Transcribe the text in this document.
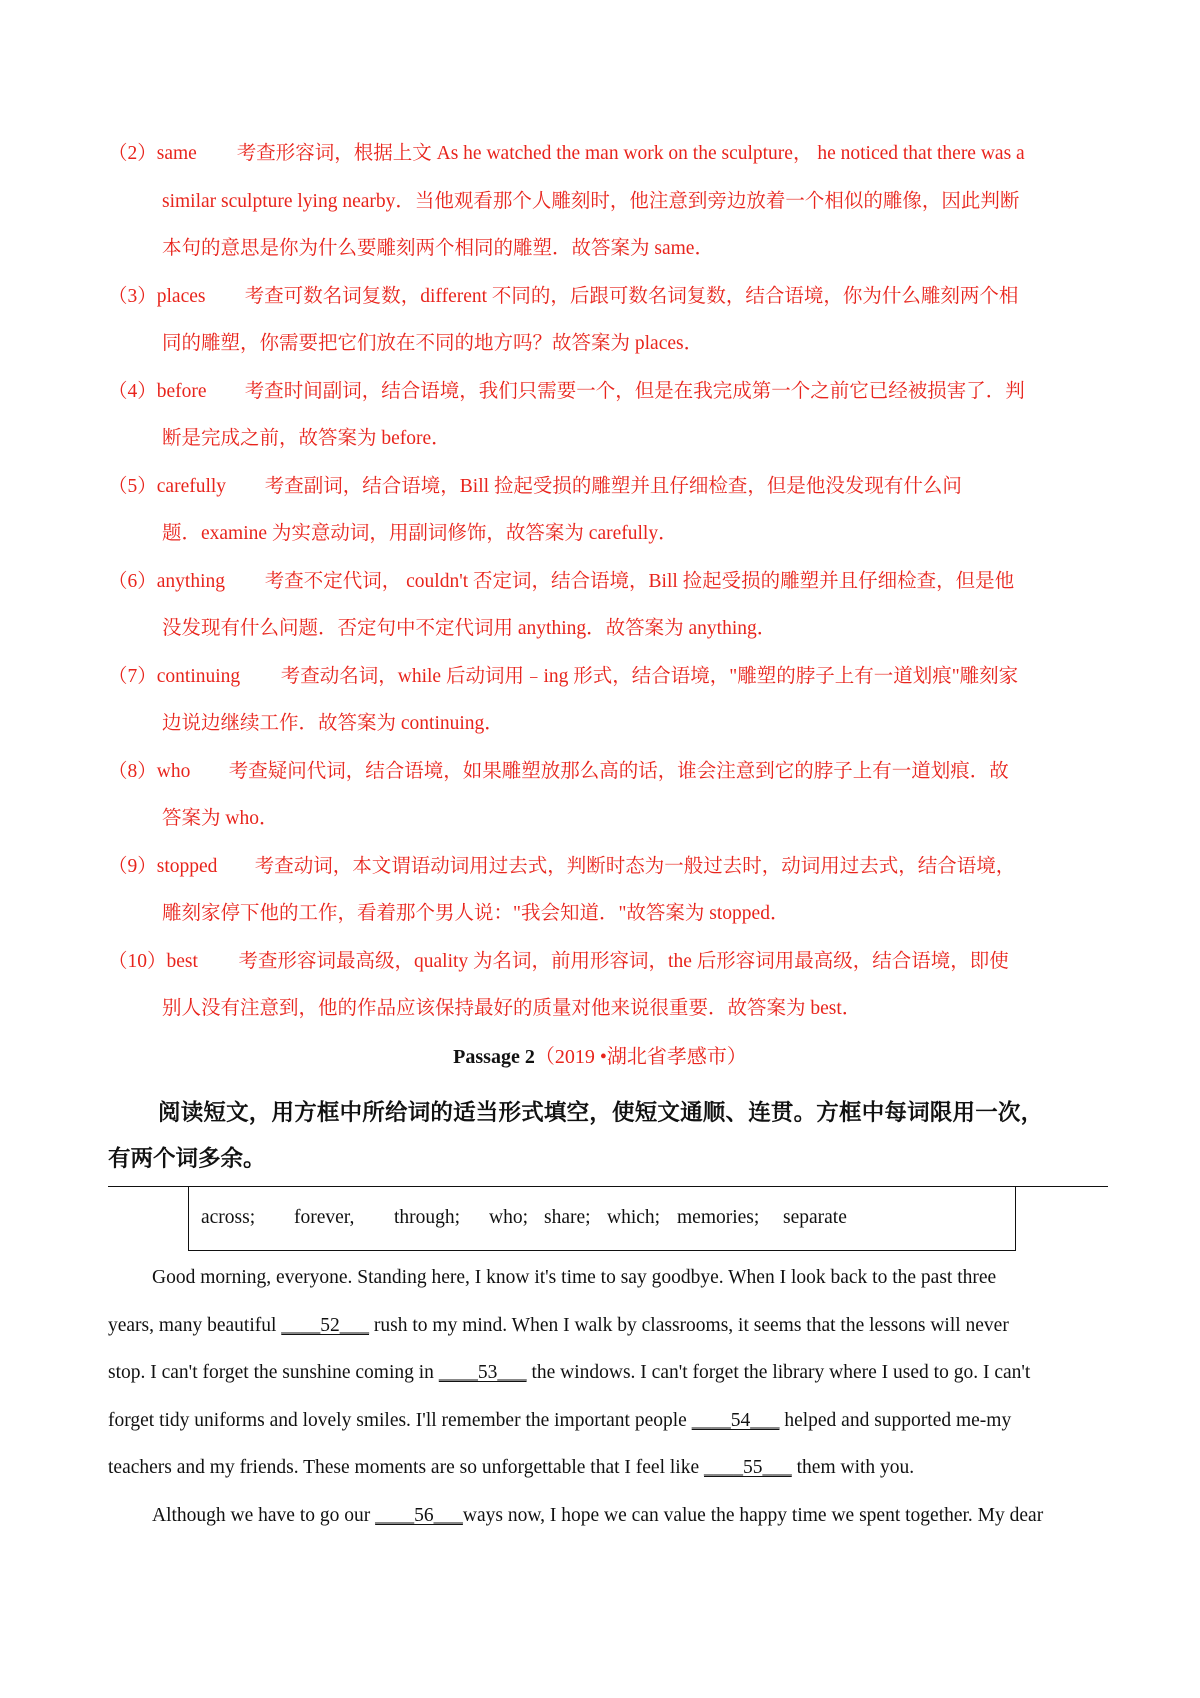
（2）same 考查形容词，根据上文 As he watched the man work on the sculpture， he noticed that there was a
similar sculpture lying nearby．当他观看那个人雕刻时，他注意到旁边放着一个相似的雕像，因此判断
本句的意思是你为什么要雕刻两个相同的雕塑．故答案为 same．
（3）places 考查可数名词复数，different 不同的，后跟可数名词复数，结合语境，你为什么雕刻两个相
同的雕塑，你需要把它们放在不同的地方吗？故答案为 places．
（4）before 考查时间副词，结合语境，我们只需要一个，但是在我完成第一个之前它已经被损害了．判
断是完成之前，故答案为 before．
（5）carefully 考查副词，结合语境，Bill 捡起受损的雕塑并且仔细检查，但是他没发现有什么问
题．examine 为实意动词，用副词修饰，故答案为 carefully．
（6）anything 考查不定代词， couldn't 否定词，结合语境，Bill 捡起受损的雕塑并且仔细检查，但是他
没发现有什么问题．否定句中不定代词用 anything．故答案为 anything．
（7）continuing 考查动名词，while 后动词用﹣ing 形式，结合语境，"雕塑的脖子上有一道划痕"雕刻家
边说边继续工作．故答案为 continuing．
（8）who 考查疑问代词，结合语境，如果雕塑放那么高的话，谁会注意到它的脖子上有一道划痕．故
答案为 who．
（9）stopped 考查动词，本文谓语动词用过去式，判断时态为一般过去时，动词用过去式，结合语境，
雕刻家停下他的工作，看着那个男人说："我会知道．"故答案为 stopped．
（10）best 考查形容词最高级，quality 为名词，前用形容词，the 后形容词用最高级，结合语境，即使
别人没有注意到，他的作品应该保持最好的质量对他来说很重要．故答案为 best．
Passage 2（2019 •湖北省孝感市）
阅读短文，用方框中所给词的适当形式填空，使短文通顺、连贯。方框中每词限用一次，
有两个词多余。
across; forever, through; who; share; which; memories; separate
Good morning, everyone. Standing here, I know it's time to say goodbye. When I look back to the past three
years, many beautiful ____52___ rush to my mind. When I walk by classrooms, it seems that the lessons will never
stop. I can't forget the sunshine coming in ____53___ the windows. I can't forget the library where I used to go. I can't
forget tidy uniforms and lovely smiles. I'll remember the important people ____54___ helped and supported me-my
teachers and my friends. These moments are so unforgettable that I feel like ____55___ them with you.
Although we have to go our ____56___ways now, I hope we can value the happy time we spent together. My dear
